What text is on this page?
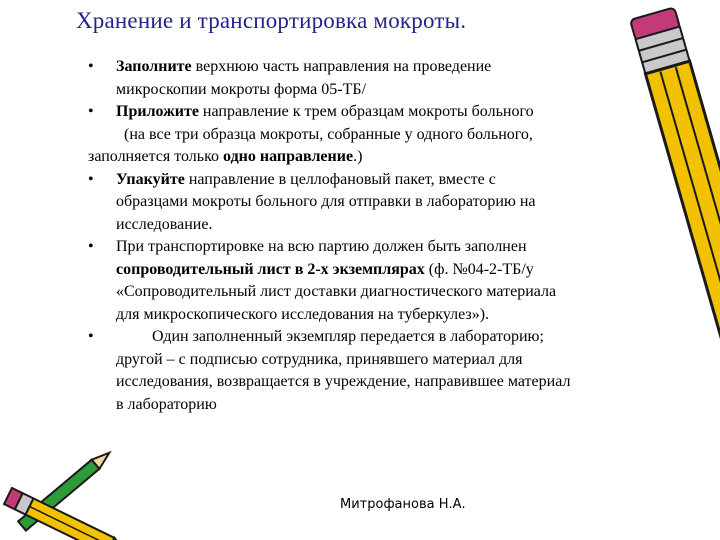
Хранение и транспортировка мокроты.
• Заполните верхнюю часть направления на проведение
микроскопии мокроты форма 05-ТБ/
• Приложите направление к трем образцам мокроты больного
(на все три образца мокроты, собранные у одного больного,
заполняется только одно направление.)
• Упакуйте направление в целлофановый пакет, вместе с
образцами мокроты больного для отправки в лабораторию на
исследование.
• При транспортировке на всю партию должен быть заполнен
сопроводительный лист в 2-х экземплярах (ф. №04-2-ТБ/у
«Сопроводительный лист доставки диагностического материала
для микроскопического исследования на туберкулез»).
•	Один заполненный экземпляр передается в лабораторию;
другой – с подписью сотрудника, принявшего материал для
исследования, возвращается в учреждение, направившее материал
в лабораторию
Митрофанова Н.А.
